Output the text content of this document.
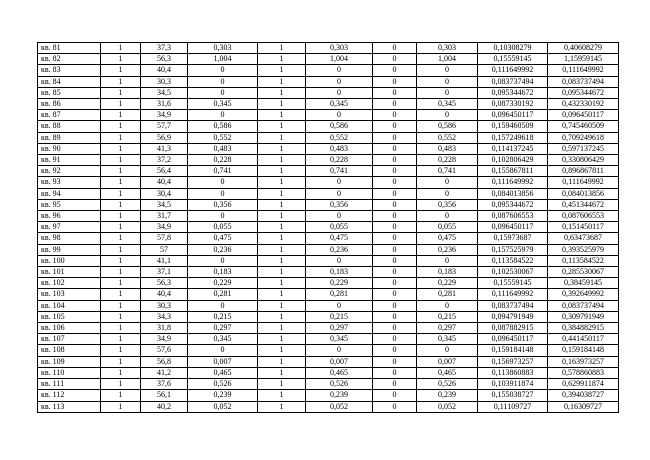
кв. 81	1	37,3	0,303	1	0,303	0	0,303	0,10308279	0,40608279
кв. 82	1	56,3	1,004	1	1,004	0	1,004	0,15559145	1,15959145
кв. 83	1	40,4	0	1	0	0	0	0,111649992	0,111649992
кв. 84	1	30,3	0	1	0	0	0	0,083737494	0,083737494
кв. 85	1	34,5	0	1	0	0	0	0,095344672	0,095344672
кв. 86	1	31,6	0,345	1	0,345	0	0,345	0,087330192	0,432330192
кв. 87	1	34,9	0	1	0	0	0	0,096450117	0,096450117
кв. 88	1	57,7	0,586	1	0,586	0	0,586	0,159460509	0,745460509
кв. 89	1	56,9	0,552	1	0,552	0	0,552	0,157249618	0,709249618
кв. 90	1	41,3	0,483	1	0,483	0	0,483	0,114137245	0,597137245
кв. 91	1	37,2	0,228	1	0,228	0	0,228	0,102806429	0,330806429
кв. 92	1	56,4	0,741	1	0,741	0	0,741	0,155867811	0,896867811
кв. 93	1	40,4	0	1	0	0	0	0,111649992	0,111649992
кв. 94	1	30,4	0	1	0	0	0	0,084013856	0,084013856
кв. 95	1	34,5	0,356	1	0,356	0	0,356	0,095344672	0,451344672
кв. 96	1	31,7	0	1	0	0	0	0,087606553	0,087606553
кв. 97	1	34,9	0,055	1	0,055	0	0,055	0,096450117	0,151450117
кв. 98	1	57,8	0,475	1	0,475	0	0,475	0,15973687	0,63473687
кв. 99	1	57	0,236	1	0,236	0	0,236	0,157525979	0,393525979
кв. 100	1	41,1	0	1	0	0	0	0,113584522	0,113584522
кв. 101	1	37,1	0,183	1	0,183	0	0,183	0,102530067	0,285530067
кв. 102	1	56,3	0,229	1	0,229	0	0,229	0,15559145	0,38459145
кв. 103	1	40,4	0,281	1	0,281	0	0,281	0,111649992	0,392649992
кв. 104	1	30,3	0	1	0	0	0	0,083737494	0,083737494
кв. 105	1	34,3	0,215	1	0,215	0	0,215	0,094791949	0,309791949
кв. 106	1	31,8	0,297	1	0,297	0	0,297	0,087882915	0,384882915
кв. 107	1	34,9	0,345	1	0,345	0	0,345	0,096450117	0,441450117
кв. 108	1	57,6	0	1	0	0	0	0,159184148	0,159184148
кв. 109	1	56,8	0,007	1	0,007	0	0,007	0,156973257	0,163973257
кв. 110	1	41,2	0,465	1	0,465	0	0,465	0,113860883	0,578860883
кв. 111	1	37,6	0,526	1	0,526	0	0,526	0,103911874	0,629911874
кв. 112	1	56,1	0,239	1	0,239	0	0,239	0,155038727	0,394038727
кв. 113	1	40,2	0,052	1	0,052	0	0,052	0,11109727	0,16309727
